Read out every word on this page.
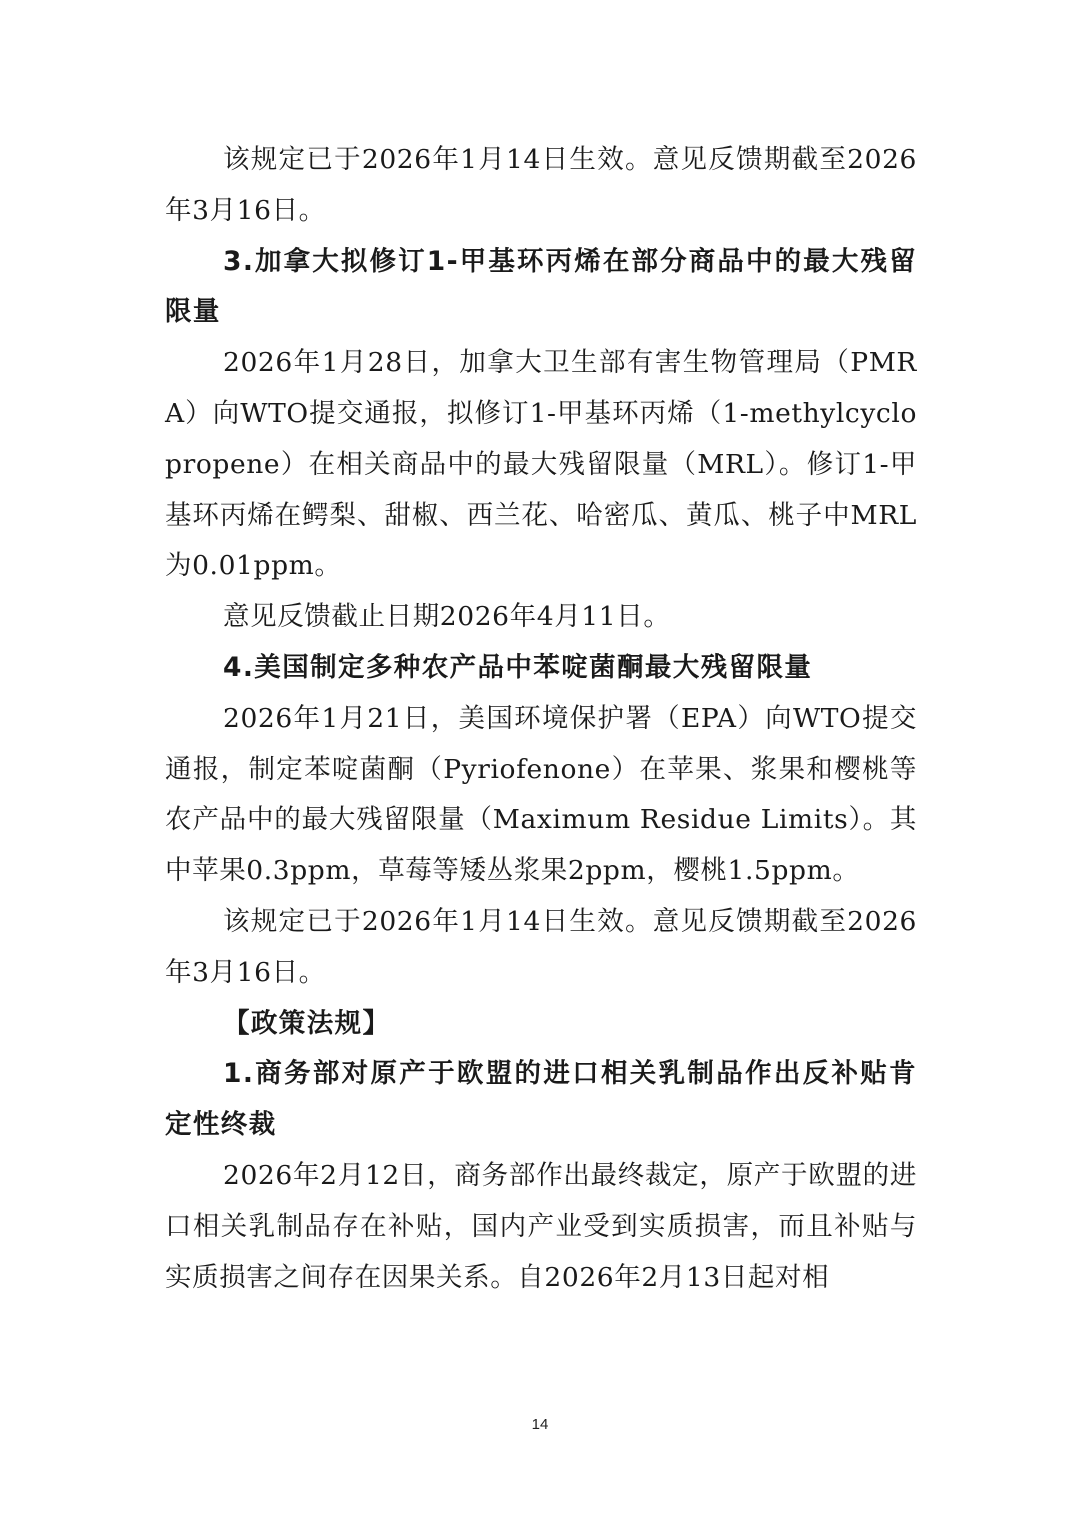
该规定已于2026年1月14日生效。意见反馈期截至2026年3月16日。

3.加拿大拟修订1-甲基环丙烯在部分商品中的最大残留限量

2026年1月28日，加拿大卫生部有害生物管理局（PMRA）向WTO提交通报，拟修订1-甲基环丙烯（1-methylcyclopropene）在相关商品中的最大残留限量（MRL）。修订1-甲基环丙烯在鳄梨、甜椒、西兰花、哈密瓜、黄瓜、桃子中MRL为0.01ppm。

意见反馈截止日期2026年4月11日。

4.美国制定多种农产品中苯啶菌酮最大残留限量

2026年1月21日，美国环境保护署（EPA）向WTO提交通报，制定苯啶菌酮（Pyriofenone）在苹果、浆果和樱桃等农产品中的最大残留限量（Maximum Residue Limits）。其中苹果0.3ppm，草莓等矮丛浆果2ppm，樱桃1.5ppm。

该规定已于2026年1月14日生效。意见反馈期截至2026年3月16日。

【政策法规】

1.商务部对原产于欧盟的进口相关乳制品作出反补贴肯定性终裁

2026年2月12日，商务部作出最终裁定，原产于欧盟的进口相关乳制品存在补贴，国内产业受到实质损害，而且补贴与实质损害之间存在因果关系。自2026年2月13日起对相

14
